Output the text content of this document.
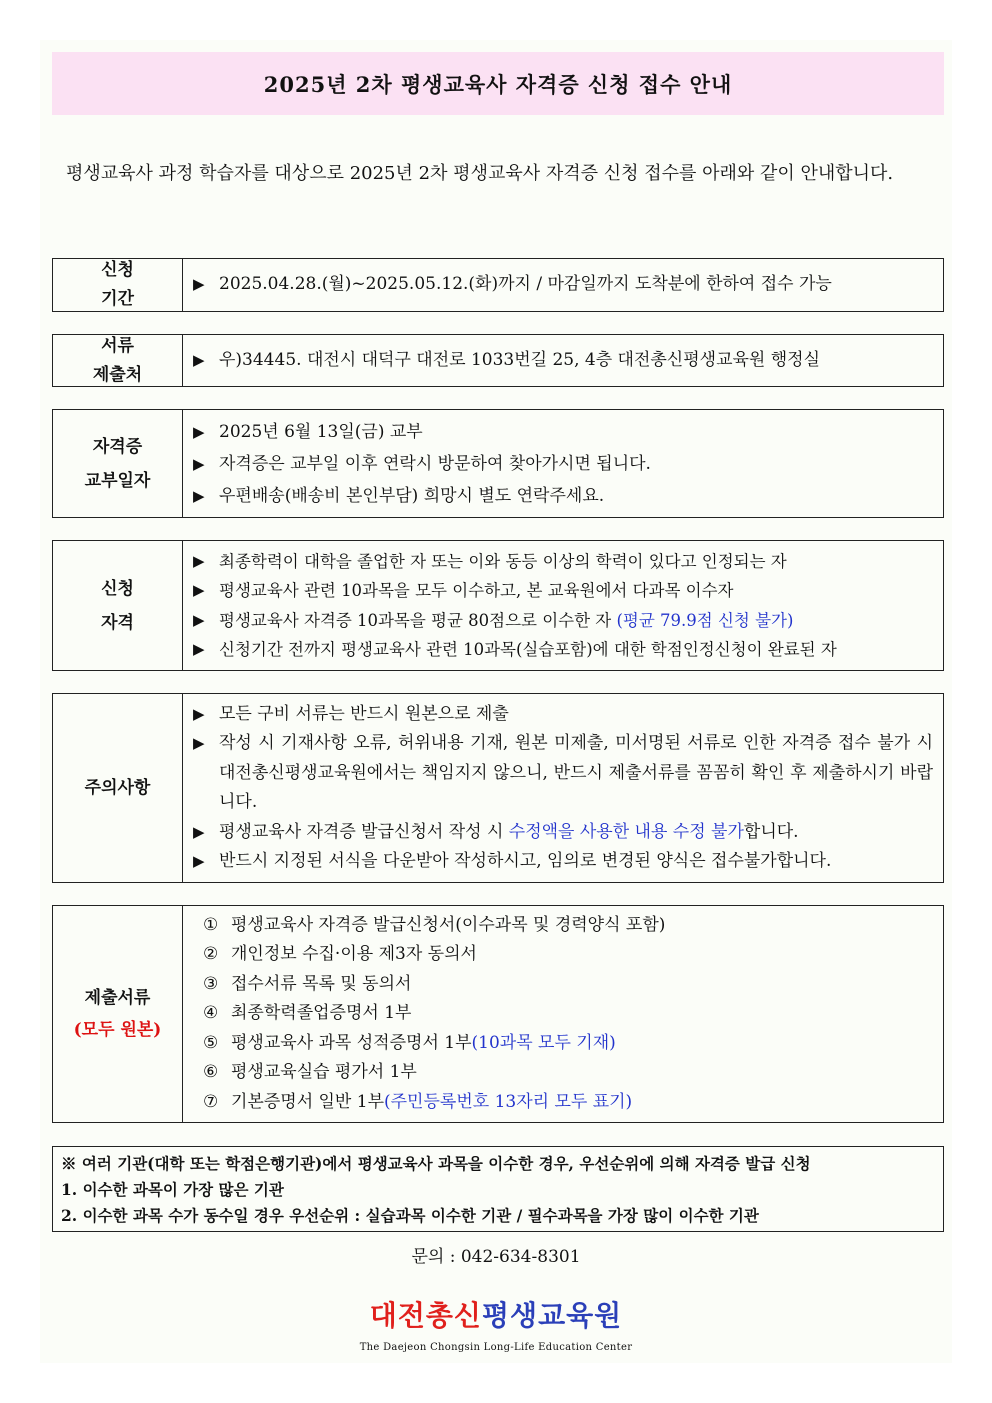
2025년 2차 평생교육사 자격증 신청 접수 안내
평생교육사 과정 학습자를 대상으로 2025년 2차 평생교육사 자격증 신청 접수를 아래와 같이 안내합니다.
신청
기간
▶ 2025.04.28.(월)~2025.05.12.(화)까지 / 마감일까지 도착분에 한하여 접수 가능
서류
제출처
▶ 우)34445. 대전시 대덕구 대전로 1033번길 25, 4층 대전총신평생교육원 행정실
자격증
교부일자
▶ 2025년 6월 13일(금) 교부
▶ 자격증은 교부일 이후 연락시 방문하여 찾아가시면 됩니다.
▶ 우편배송(배송비 본인부담) 희망시 별도 연락주세요.
신청
자격
▶ 최종학력이 대학을 졸업한 자 또는 이와 동등 이상의 학력이 있다고 인정되는 자
▶ 평생교육사 관련 10과목을 모두 이수하고, 본 교육원에서 다과목 이수자
▶ 평생교육사 자격증 10과목을 평균 80점으로 이수한 자 (평균 79.9점 신청 불가)
▶ 신청기간 전까지 평생교육사 관련 10과목(실습포함)에 대한 학점인정신청이 완료된 자
주의사항
▶ 모든 구비 서류는 반드시 원본으로 제출
▶ 작성 시 기재사항 오류, 허위내용 기재, 원본 미제출, 미서명된 서류로 인한 자격증 접수 불가 시 대전총신평생교육원에서는 책임지지 않으니, 반드시 제출서류를 꼼꼼히 확인 후 제출하시기 바랍니다.
▶ 평생교육사 자격증 발급신청서 작성 시 수정액을 사용한 내용 수정 불가합니다.
▶ 반드시 지정된 서식을 다운받아 작성하시고, 임의로 변경된 양식은 접수불가합니다.
제출서류
(모두 원본)
① 평생교육사 자격증 발급신청서(이수과목 및 경력양식 포함)
② 개인정보 수집·이용 제3자 동의서
③ 접수서류 목록 및 동의서
④ 최종학력졸업증명서 1부
⑤ 평생교육사 과목 성적증명서 1부(10과목 모두 기재)
⑥ 평생교육실습 평가서 1부
⑦ 기본증명서 일반 1부(주민등록번호 13자리 모두 표기)
※ 여러 기관(대학 또는 학점은행기관)에서 평생교육사 과목을 이수한 경우, 우선순위에 의해 자격증 발급 신청
1. 이수한 과목이 가장 많은 기관
2. 이수한 과목 수가 동수일 경우 우선순위 : 실습과목 이수한 기관 / 필수과목을 가장 많이 이수한 기관
문의 : 042-634-8301
대전총신평생교육원
The Daejeon Chongsin Long-Life Education Center
